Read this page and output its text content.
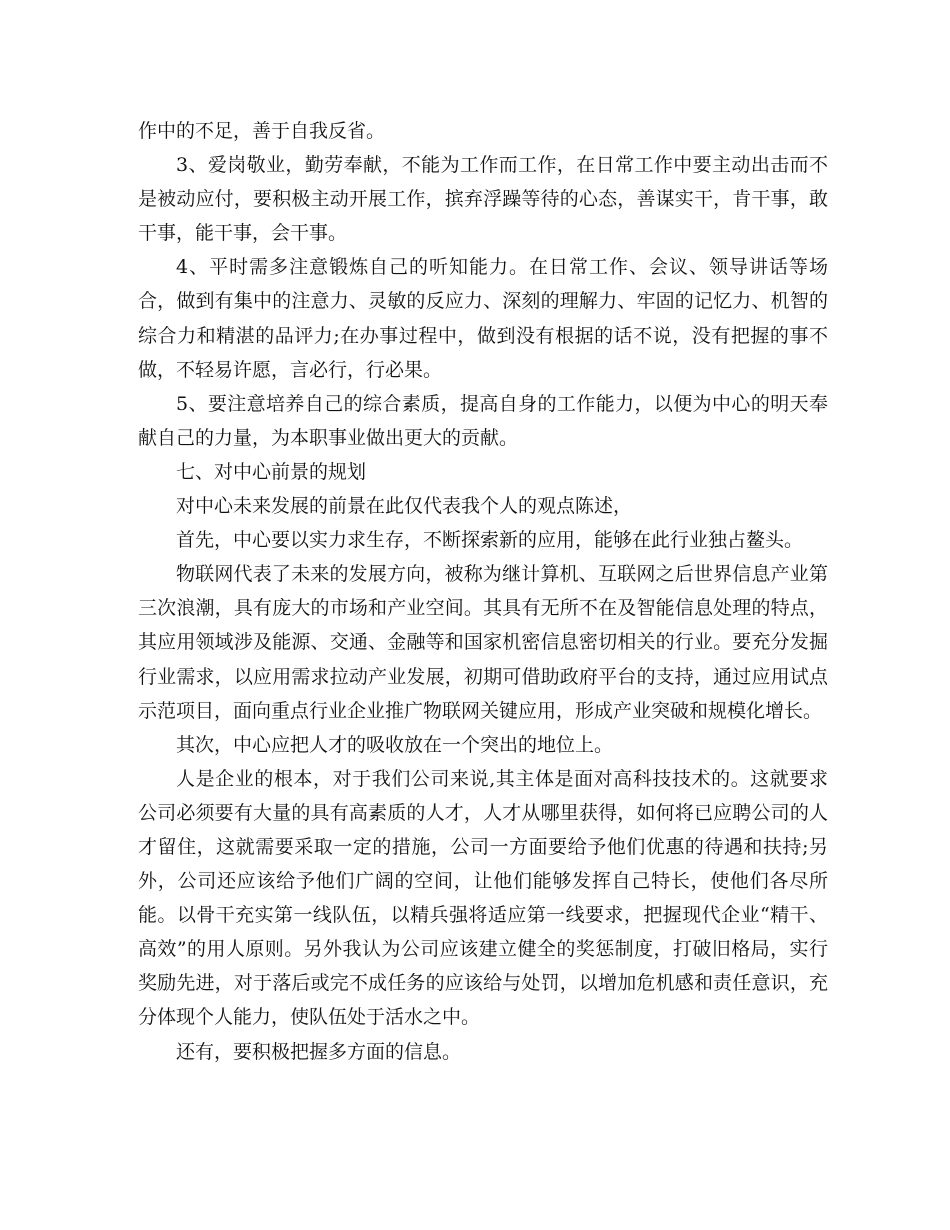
作中的不足，善于自我反省。

3、爱岗敬业，勤劳奉献，不能为工作而工作，在日常工作中要主动出击而不是被动应付，要积极主动开展工作，摈弃浮躁等待的心态，善谋实干，肯干事，敢干事，能干事，会干事。

4、平时需多注意锻炼自己的听知能力。在日常工作、会议、领导讲话等场合，做到有集中的注意力、灵敏的反应力、深刻的理解力、牢固的记忆力、机智的综合力和精湛的品评力;在办事过程中，做到没有根据的话不说，没有把握的事不做，不轻易许愿，言必行，行必果。

5、要注意培养自己的综合素质，提高自身的工作能力，以便为中心的明天奉献自己的力量，为本职事业做出更大的贡献。

七、对中心前景的规划

对中心未来发展的前景在此仅代表我个人的观点陈述，

首先，中心要以实力求生存，不断探索新的应用，能够在此行业独占鳌头。

物联网代表了未来的发展方向，被称为继计算机、互联网之后世界信息产业第三次浪潮，具有庞大的市场和产业空间。其具有无所不在及智能信息处理的特点，其应用领域涉及能源、交通、金融等和国家机密信息密切相关的行业。要充分发掘行业需求，以应用需求拉动产业发展，初期可借助政府平台的支持，通过应用试点示范项目，面向重点行业企业推广物联网关键应用，形成产业突破和规模化增长。

其次，中心应把人才的吸收放在一个突出的地位上。

人是企业的根本，对于我们公司来说,其主体是面对高科技技术的。这就要求公司必须要有大量的具有高素质的人才，人才从哪里获得，如何将已应聘公司的人才留住，这就需要采取一定的措施，公司一方面要给予他们优惠的待遇和扶持;另外，公司还应该给予他们广阔的空间，让他们能够发挥自己特长，使他们各尽所能。以骨干充实第一线队伍，以精兵强将适应第一线要求，把握现代企业“精干、高效”的用人原则。另外我认为公司应该建立健全的奖惩制度，打破旧格局，实行奖励先进，对于落后或完不成任务的应该给与处罚，以增加危机感和责任意识，充分体现个人能力，使队伍处于活水之中。

还有，要积极把握多方面的信息。
